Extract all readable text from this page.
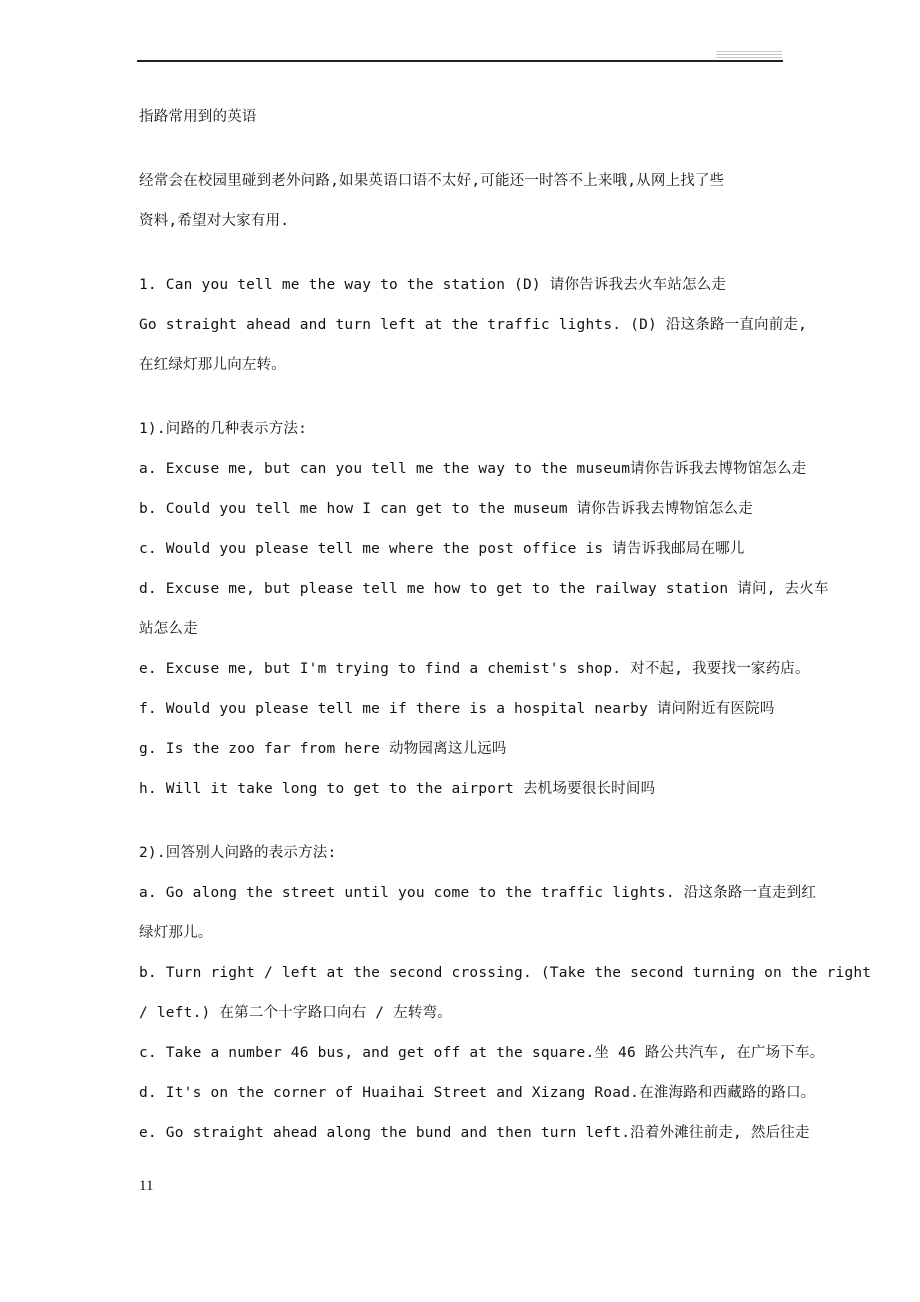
指路常用到的英语
经常会在校园里碰到老外问路,如果英语口语不太好,可能还一时答不上来哦,从网上找了些
资料,希望对大家有用.
1. Can you tell me the way to the station (D) 请你告诉我去火车站怎么走
Go straight ahead and turn left at the traffic lights. (D) 沿这条路一直向前走,
在红绿灯那儿向左转。
1).问路的几种表示方法:
a. Excuse me, but can you tell me the way to the museum请你告诉我去博物馆怎么走
b. Could you tell me how I can get to the museum 请你告诉我去博物馆怎么走
c. Would you please tell me where the post office is 请告诉我邮局在哪儿
d. Excuse me, but please tell me how to get to the railway station 请问, 去火车
站怎么走
e. Excuse me, but I'm trying to find a chemist's shop. 对不起, 我要找一家药店。
f. Would you please tell me if there is a hospital nearby 请问附近有医院吗
g. Is the zoo far from here 动物园离这儿远吗
h. Will it take long to get to the airport 去机场要很长时间吗
2).回答别人问路的表示方法:
a. Go along the street until you come to the traffic lights. 沿这条路一直走到红
绿灯那儿。
b. Turn right / left at the second crossing. (Take the second turning on the right
/ left.) 在第二个十字路口向右 / 左转弯。
c. Take a number 46 bus, and get off at the square.坐 46 路公共汽车, 在广场下车。
d. It's on the corner of Huaihai Street and Xizang Road.在淮海路和西藏路的路口。
e. Go straight ahead along the bund and then turn left.沿着外滩往前走, 然后往走
11
